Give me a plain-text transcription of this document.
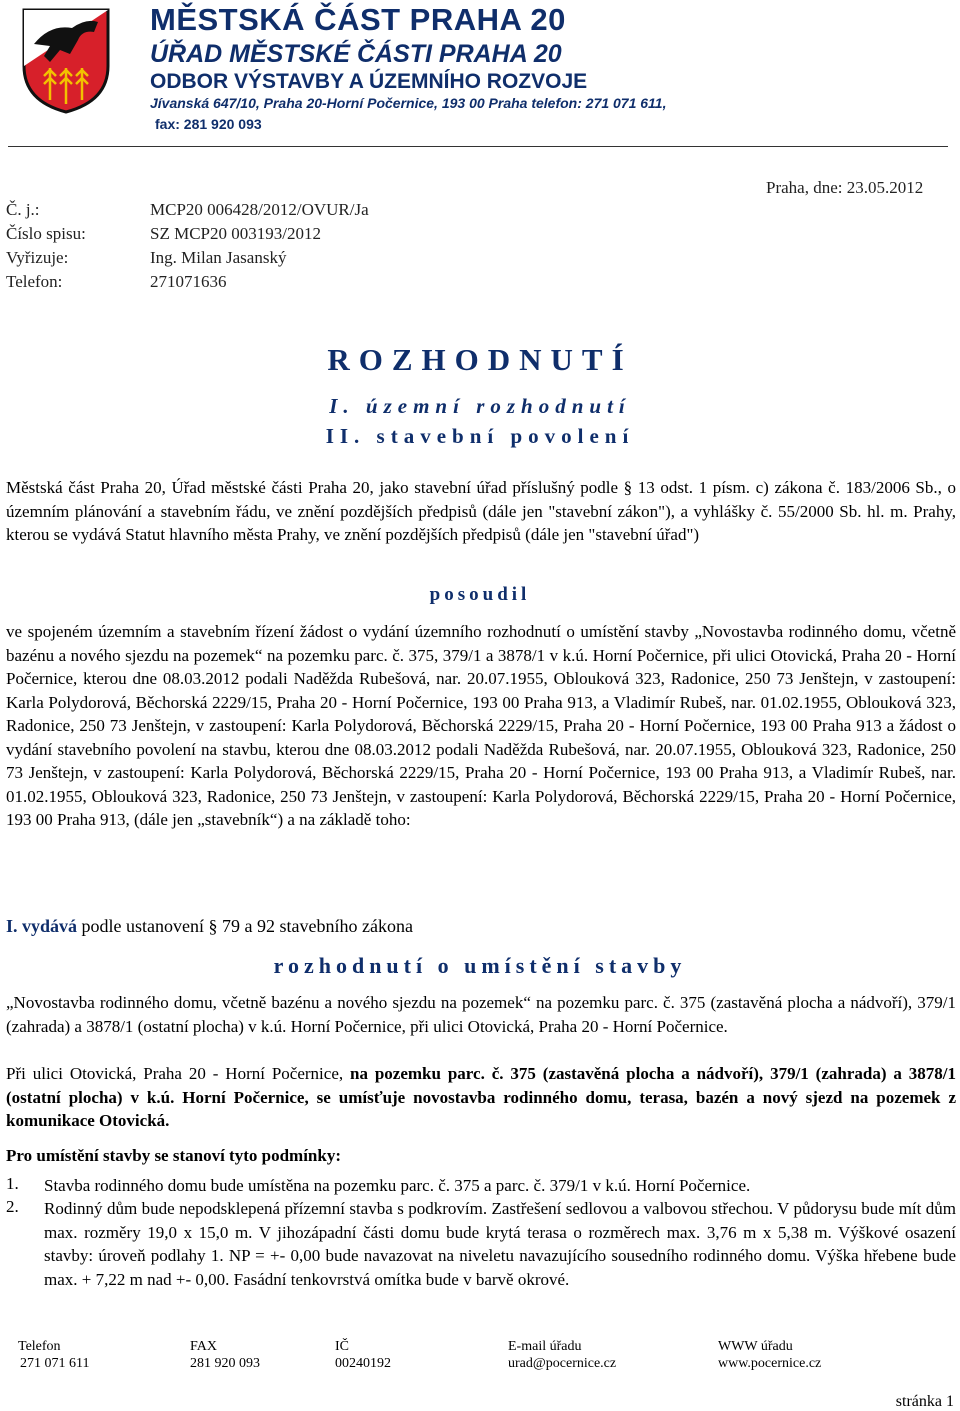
MĚSTSKÁ ČÁST PRAHA 20
ÚŘAD MĚSTSKÉ ČÁSTI PRAHA 20
ODBOR VÝSTAVBY A ÚZEMNÍHO ROZVOJE
Jívanská 647/10, Praha 20-Horní Počernice, 193 00 Praha telefon: 271 071 611,
fax: 281 920 093
Č. j.:	MCP20 006428/2012/OVUR/Ja
Číslo spisu:	SZ MCP20 003193/2012
Vyřizuje:	Ing. Milan Jasanský
Telefon:	271071636
Praha, dne: 23.05.2012
ROZHODNUTÍ
I. územní rozhodnutí
II. stavební povolení
Městská část Praha 20, Úřad městské části Praha 20, jako stavební úřad příslušný podle § 13 odst. 1 písm. c) zákona č. 183/2006 Sb., o územním plánování a stavebním řádu, ve znění pozdějších předpisů (dále jen "stavební zákon"), a vyhlášky č. 55/2000 Sb. hl. m. Prahy, kterou se vydává Statut hlavního města Prahy, ve znění pozdějších předpisů (dále jen "stavební úřad")
posoudil
ve spojeném územním a stavebním řízení žádost o vydání územního rozhodnutí o umístění stavby „Novostavba rodinného domu, včetně bazénu a nového sjezdu na pozemek“ na pozemku parc. č. 375, 379/1 a 3878/1 v k.ú. Horní Počernice, při ulici Otovická, Praha 20 - Horní Počernice, kterou dne 08.03.2012 podali Naděžda Rubešová, nar. 20.07.1955, Oblouková 323, Radonice, 250 73 Jenštejn, v zastoupení: Karla Polydorová, Běchorská 2229/15, Praha 20 - Horní Počernice, 193 00 Praha 913, a Vladimír Rubeš, nar. 01.02.1955, Oblouková 323, Radonice, 250 73 Jenštejn, v zastoupení: Karla Polydorová, Běchorská 2229/15, Praha 20 - Horní Počernice, 193 00 Praha 913 a žádost o vydání stavebního povolení na stavbu, kterou dne 08.03.2012 podali Naděžda Rubešová, nar. 20.07.1955, Oblouková 323, Radonice, 250 73 Jenštejn, v zastoupení: Karla Polydorová, Běchorská 2229/15, Praha 20 - Horní Počernice, 193 00 Praha 913, a Vladimír Rubeš, nar. 01.02.1955, Oblouková 323, Radonice, 250 73 Jenštejn, v zastoupení: Karla Polydorová, Běchorská 2229/15, Praha 20 - Horní Počernice, 193 00 Praha 913, (dále jen „stavebník“) a na základě toho:
I. vydává podle ustanovení § 79 a 92 stavebního zákona
rozhodnutí o umístění stavby
„Novostavba rodinného domu, včetně bazénu a nového sjezdu na pozemek“ na pozemku parc. č. 375 (zastavěná plocha a nádvoří), 379/1 (zahrada) a 3878/1 (ostatní plocha) v k.ú. Horní Počernice, při ulici Otovická, Praha 20 - Horní Počernice.
Při ulici Otovická, Praha 20 - Horní Počernice, na pozemku parc. č. 375 (zastavěná plocha a nádvoří), 379/1 (zahrada) a 3878/1 (ostatní plocha) v k.ú. Horní Počernice, se umísťuje novostavba rodinného domu, terasa, bazén a nový sjezd na pozemek z komunikace Otovická.
Pro umístění stavby se stanoví tyto podmínky:
1. Stavba rodinného domu bude umístěna na pozemku parc. č. 375 a parc. č. 379/1 v k.ú. Horní Počernice.
2. Rodinný dům bude nepodsklepená přízemní stavba s podkrovím. Zastřešení sedlovou a valbovou střechou. V půdorysu bude mít dům max. rozměry 19,0 x 15,0 m. V jihozápadní části domu bude krytá terasa o rozměrech max. 3,76 m x 5,38 m. Výškové osazení stavby: úroveň podlahy 1. NP = +- 0,00 bude navazovat na niveletu navazujícího sousedního rodinného domu. Výška hřebene bude max. + 7,22 m nad +- 0,00. Fasádní tenkovrstvá omítka bude v barvě okrové.
Telefon
271 071 611
FAX
281 920 093
IČ
00240192
E-mail úřadu
urad@pocernice.cz
WWW úřadu
www.pocernice.cz
stránka 1
